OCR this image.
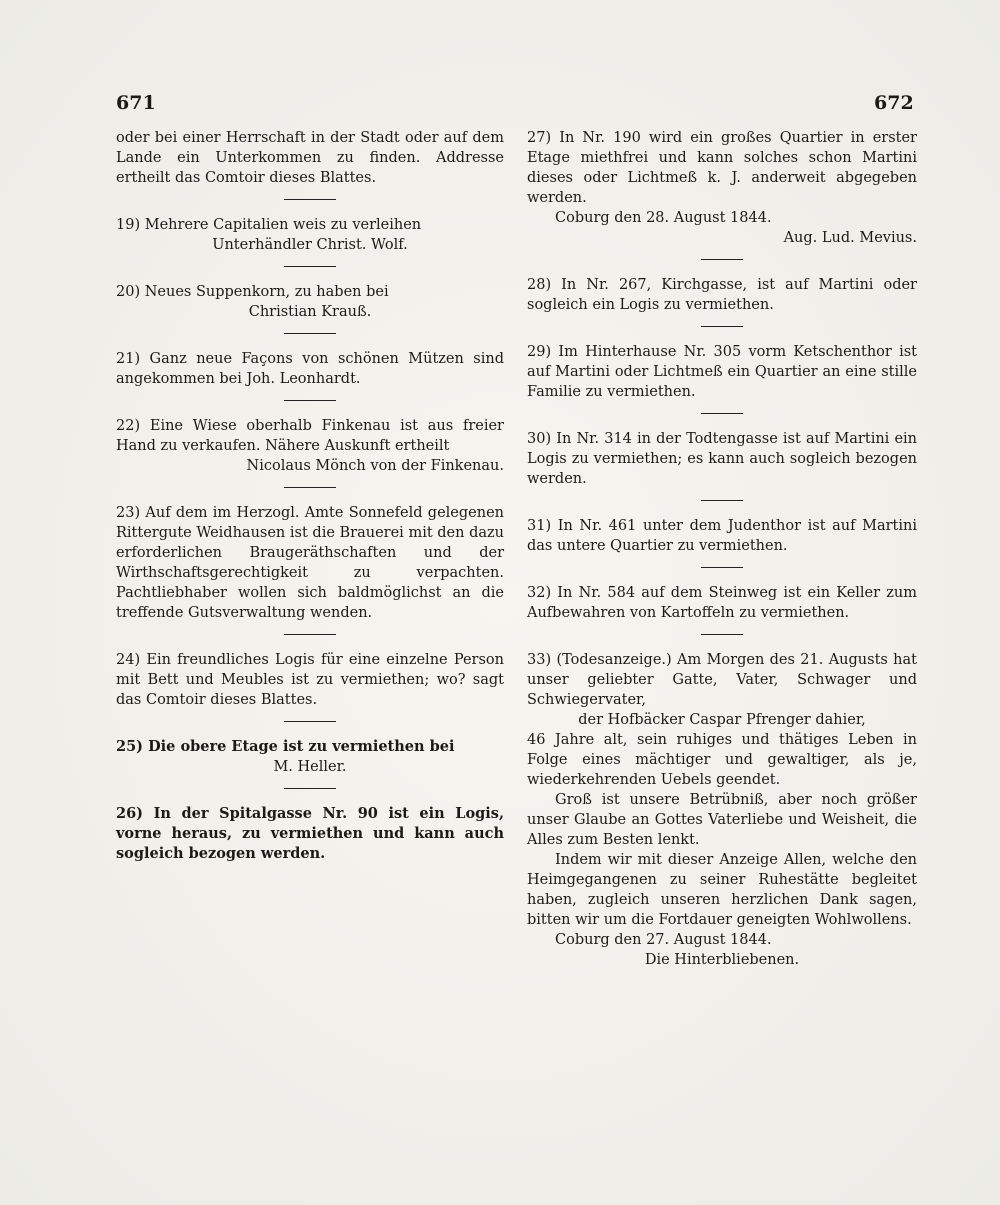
671	672

oder bei einer Herrschaft in der Stadt oder auf dem Lande ein Unterkommen zu finden. Addresse ertheilt das Comtoir dieses Blattes.

19) Mehrere Capitalien weis zu verleihen

Unterhändler Christ. Wolf.

20) Neues Suppenkorn, zu haben bei

Christian Krauß.

21) Ganz neue Façons von schönen Mützen sind angekommen bei Joh. Leonhardt.

22) Eine Wiese oberhalb Finkenau ist aus freier Hand zu verkaufen. Nähere Auskunft ertheilt

Nicolaus Mönch von der Finkenau.

23) Auf dem im Herzogl. Amte Sonnefeld gelegenen Rittergute Weidhausen ist die Brauerei mit den dazu erforderlichen Braugeräthschaften und der Wirthschaftsgerechtigkeit zu verpachten. Pachtliebhaber wollen sich baldmöglichst an die treffende Gutsverwaltung wenden.

24) Ein freundliches Logis für eine einzelne Person mit Bett und Meubles ist zu vermiethen; wo? sagt das Comtoir dieses Blattes.

25) Die obere Etage ist zu vermiethen bei

M. Heller.

26) In der Spitalgasse Nr. 90 ist ein Logis, vorne heraus, zu vermiethen und kann auch sogleich bezogen werden.

27) In Nr. 190 wird ein großes Quartier in erster Etage miethfrei und kann solches schon Martini dieses oder Lichtmeß k. J. anderweit abgegeben werden.

Coburg den 28. August 1844.

Aug. Lud. Mevius.

28) In Nr. 267, Kirchgasse, ist auf Martini oder sogleich ein Logis zu vermiethen.

29) Im Hinterhause Nr. 305 vorm Ketschenthor ist auf Martini oder Lichtmeß ein Quartier an eine stille Familie zu vermiethen.

30) In Nr. 314 in der Todtengasse ist auf Martini ein Logis zu vermiethen; es kann auch sogleich bezogen werden.

31) In Nr. 461 unter dem Judenthor ist auf Martini das untere Quartier zu vermiethen.

32) In Nr. 584 auf dem Steinweg ist ein Keller zum Aufbewahren von Kartoffeln zu vermiethen.

33) (Todesanzeige.) Am Morgen des 21. Augusts hat unser geliebter Gatte, Vater, Schwager und Schwiegervater,

der Hofbäcker Caspar Pfrenger dahier,

46 Jahre alt, sein ruhiges und thätiges Leben in Folge eines mächtiger und gewaltiger, als je, wiederkehrenden Uebels geendet.

Groß ist unsere Betrübniß, aber noch größer unser Glaube an Gottes Vaterliebe und Weisheit, die Alles zum Besten lenkt.

Indem wir mit dieser Anzeige Allen, welche den Heimgegangenen zu seiner Ruhestätte begleitet haben, zugleich unseren herzlichen Dank sagen, bitten wir um die Fortdauer geneigten Wohlwollens.

Coburg den 27. August 1844.

Die Hinterbliebenen.
